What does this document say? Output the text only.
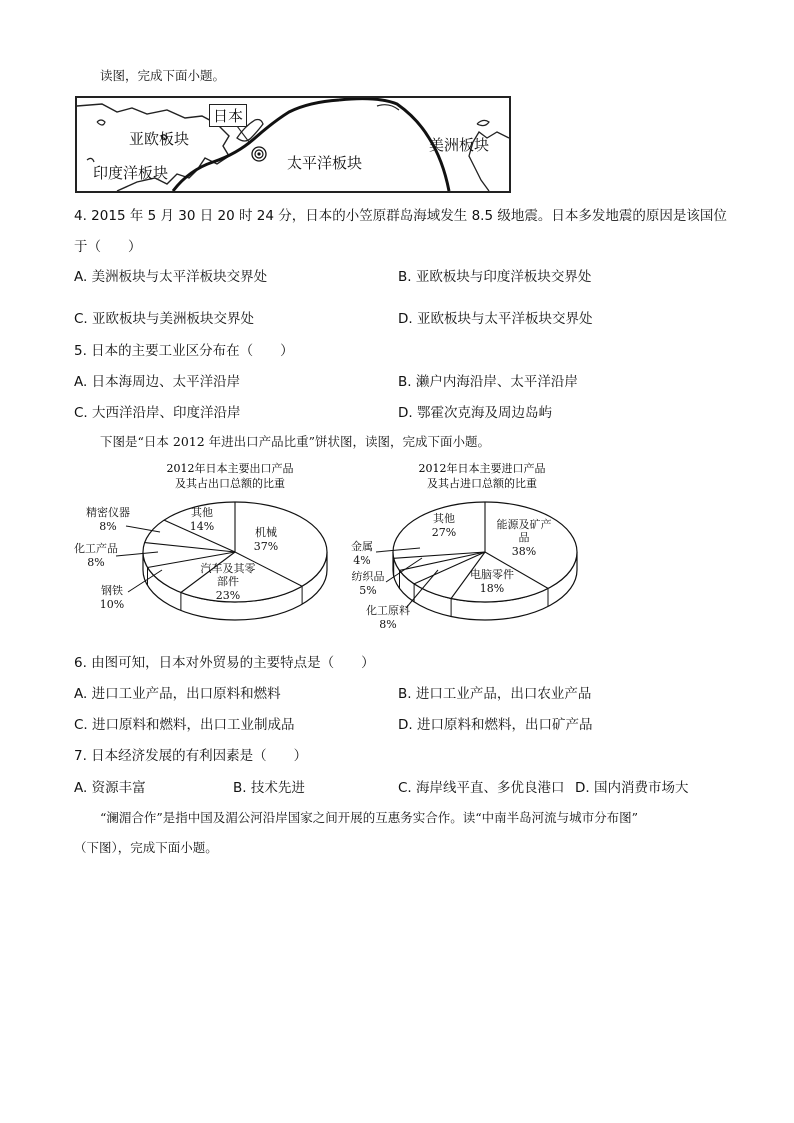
读图，完成下面小题。
日本
亚欧板块	美洲板块
太平洋板块
印度洋板块
4. 2015 年 5 月 30 日 20 时 24 分，日本的小笠原群岛海域发生 8.5 级地震。日本多发地震的原因是该国位
于（　　）
A. 美洲板块与太平洋板块交界处	B. 亚欧板块与印度洋板块交界处
C. 亚欧板块与美洲板块交界处	D. 亚欧板块与太平洋板块交界处
5. 日本的主要工业区分布在（　　）
A. 日本海周边、太平洋沿岸	B. 濑户内海沿岸、太平洋沿岸
C. 大西洋沿岸、印度洋沿岸	D. 鄂霍次克海及周边岛屿
下图是“日本 2012 年进出口产品比重”饼状图，读图，完成下面小题。
2012年日本主要出口产品
及其占出口总额的比重
2012年日本主要进口产品
及其占进口总额的比重
机械
37%
汽车及其零
部件
23%
其他
14%
精密仪器
8%
化工产品
8%
钢铁
10%
其他
27%
能源及矿产
品
38%
电脑零件
18%
金属
4%
纺织品
5%
化工原料
8%
6. 由图可知，日本对外贸易的主要特点是（　　）
A. 进口工业产品，出口原料和燃料	B. 进口工业产品，出口农业产品
C. 进口原料和燃料，出口工业制成品	D. 进口原料和燃料，出口矿产品
7. 日本经济发展的有利因素是（　　）
A. 资源丰富	B. 技术先进	C. 海岸线平直、多优良港口 D. 国内消费市场大
“澜湄合作”是指中国及湄公河沿岸国家之间开展的互惠务实合作。读“中南半岛河流与城市分布图”
（下图），完成下面小题。
